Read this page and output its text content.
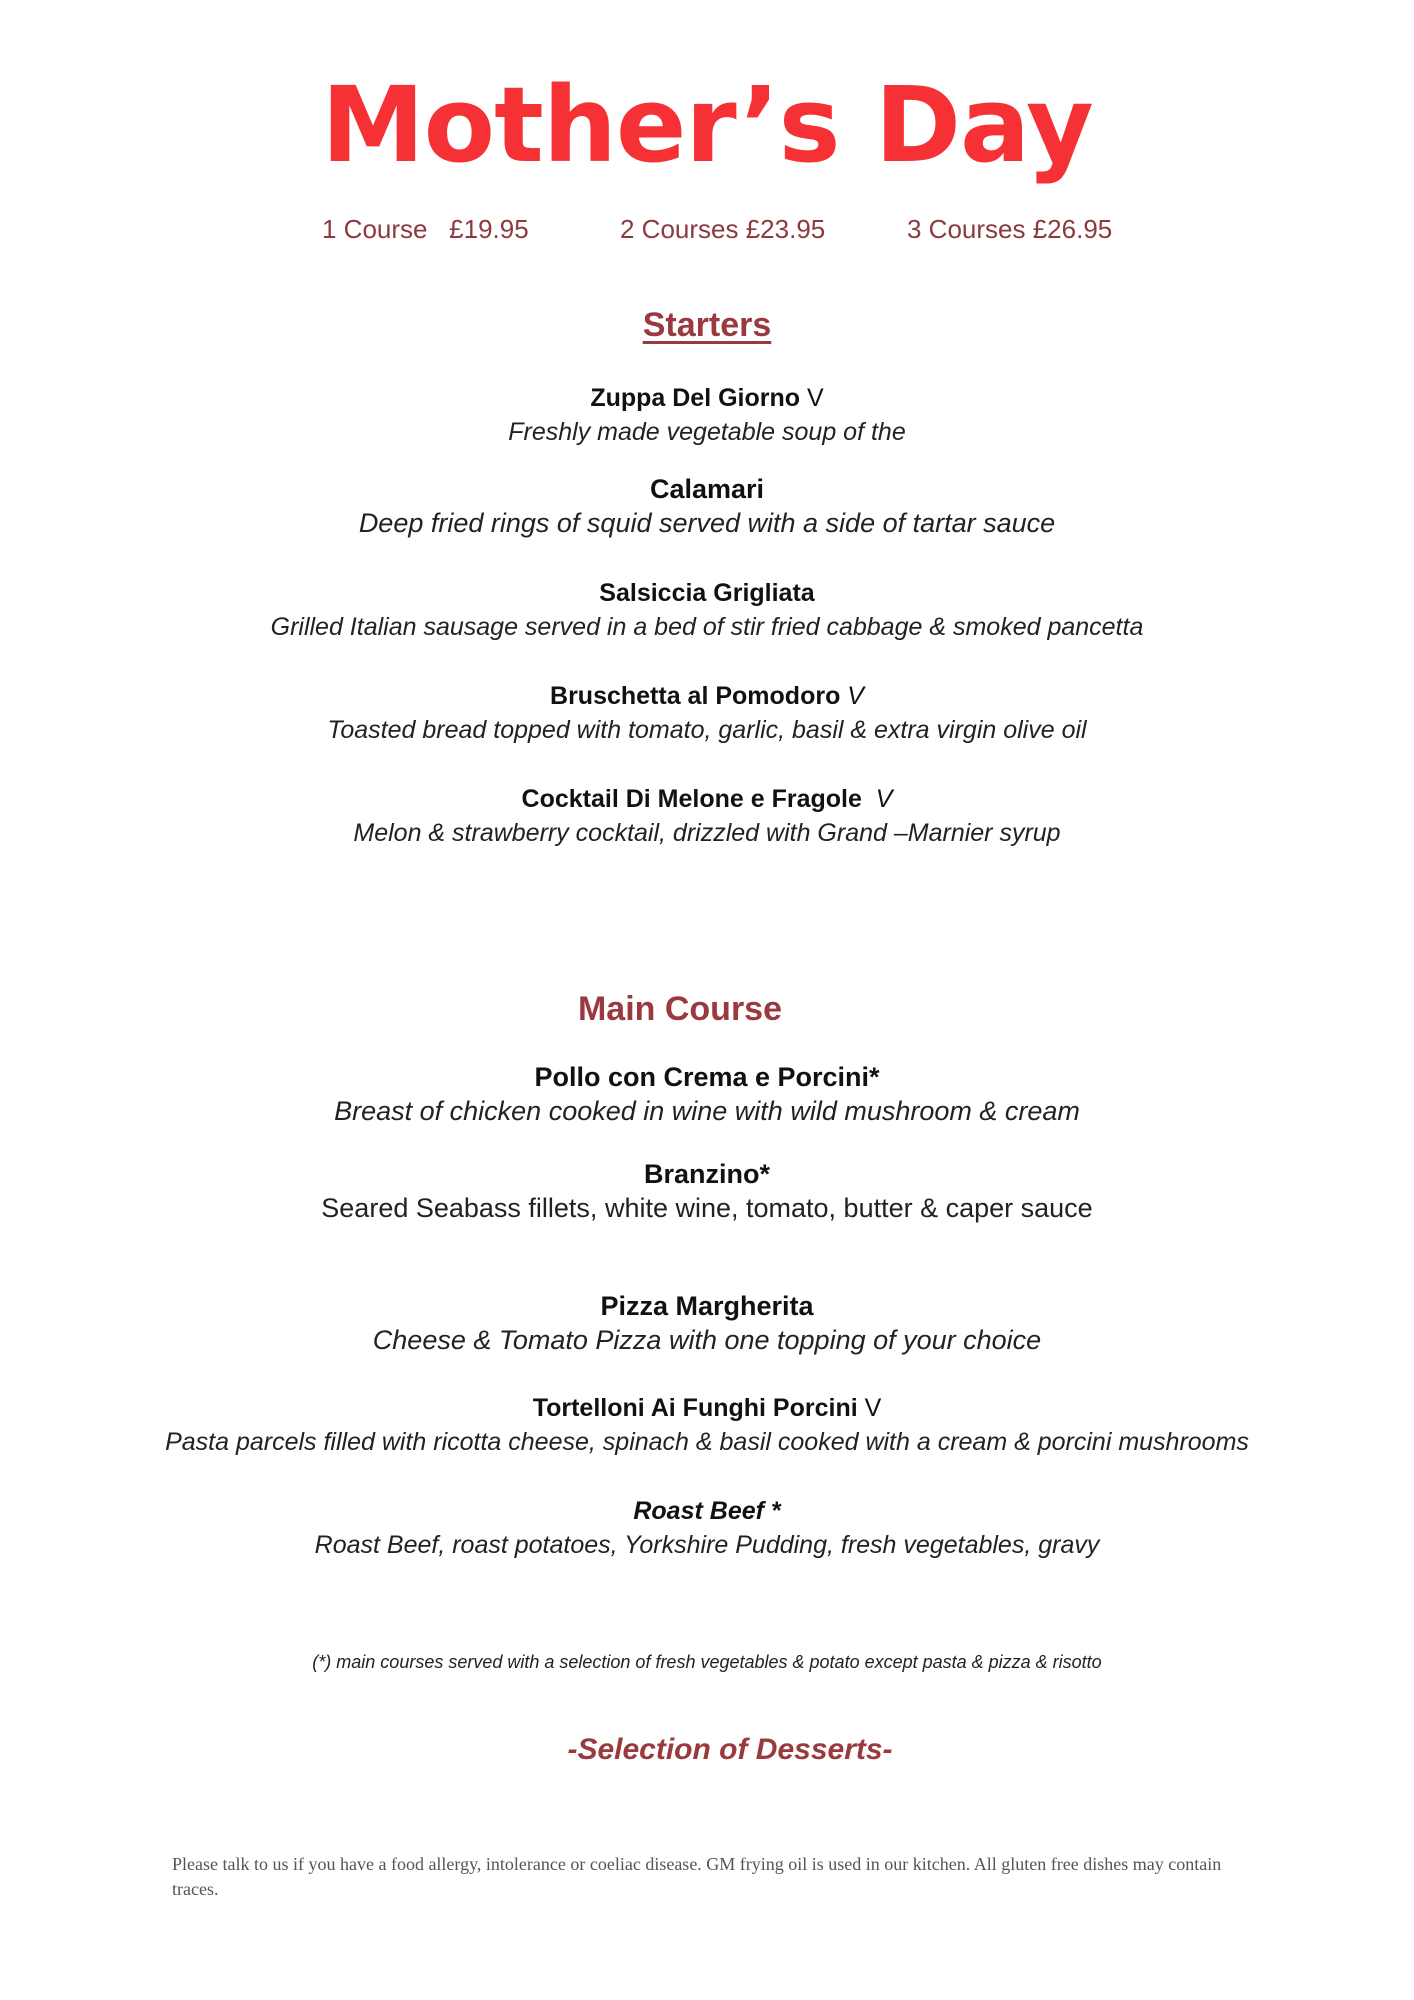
Mother’s Day
1 Course   £19.95	2 Courses £23.95	3 Courses £26.95
Starters
Zuppa Del Giorno V
Freshly made vegetable soup of the
Calamari
Deep fried rings of squid served with a side of tartar sauce
Salsiccia Grigliata
Grilled Italian sausage served in a bed of stir fried cabbage & smoked pancetta
Bruschetta al Pomodoro V
Toasted bread topped with tomato, garlic, basil & extra virgin olive oil
Cocktail Di Melone e Fragole V
Melon & strawberry cocktail, drizzled with Grand –Marnier syrup
Main Course
Pollo con Crema e Porcini*
Breast of chicken cooked in wine with wild mushroom & cream
Branzino*
Seared Seabass fillets, white wine, tomato, butter & caper sauce
Pizza Margherita
Cheese & Tomato Pizza with one topping of your choice
Tortelloni Ai Funghi Porcini V
Pasta parcels filled with ricotta cheese, spinach & basil cooked with a cream & porcini mushrooms
Roast Beef *
Roast Beef, roast potatoes, Yorkshire Pudding, fresh vegetables, gravy
(*) main courses served with a selection of fresh vegetables & potato except pasta & pizza & risotto
-Selection of Desserts-
Please talk to us if you have a food allergy, intolerance or coeliac disease. GM frying oil is used in our kitchen. All gluten free dishes may contain traces.
